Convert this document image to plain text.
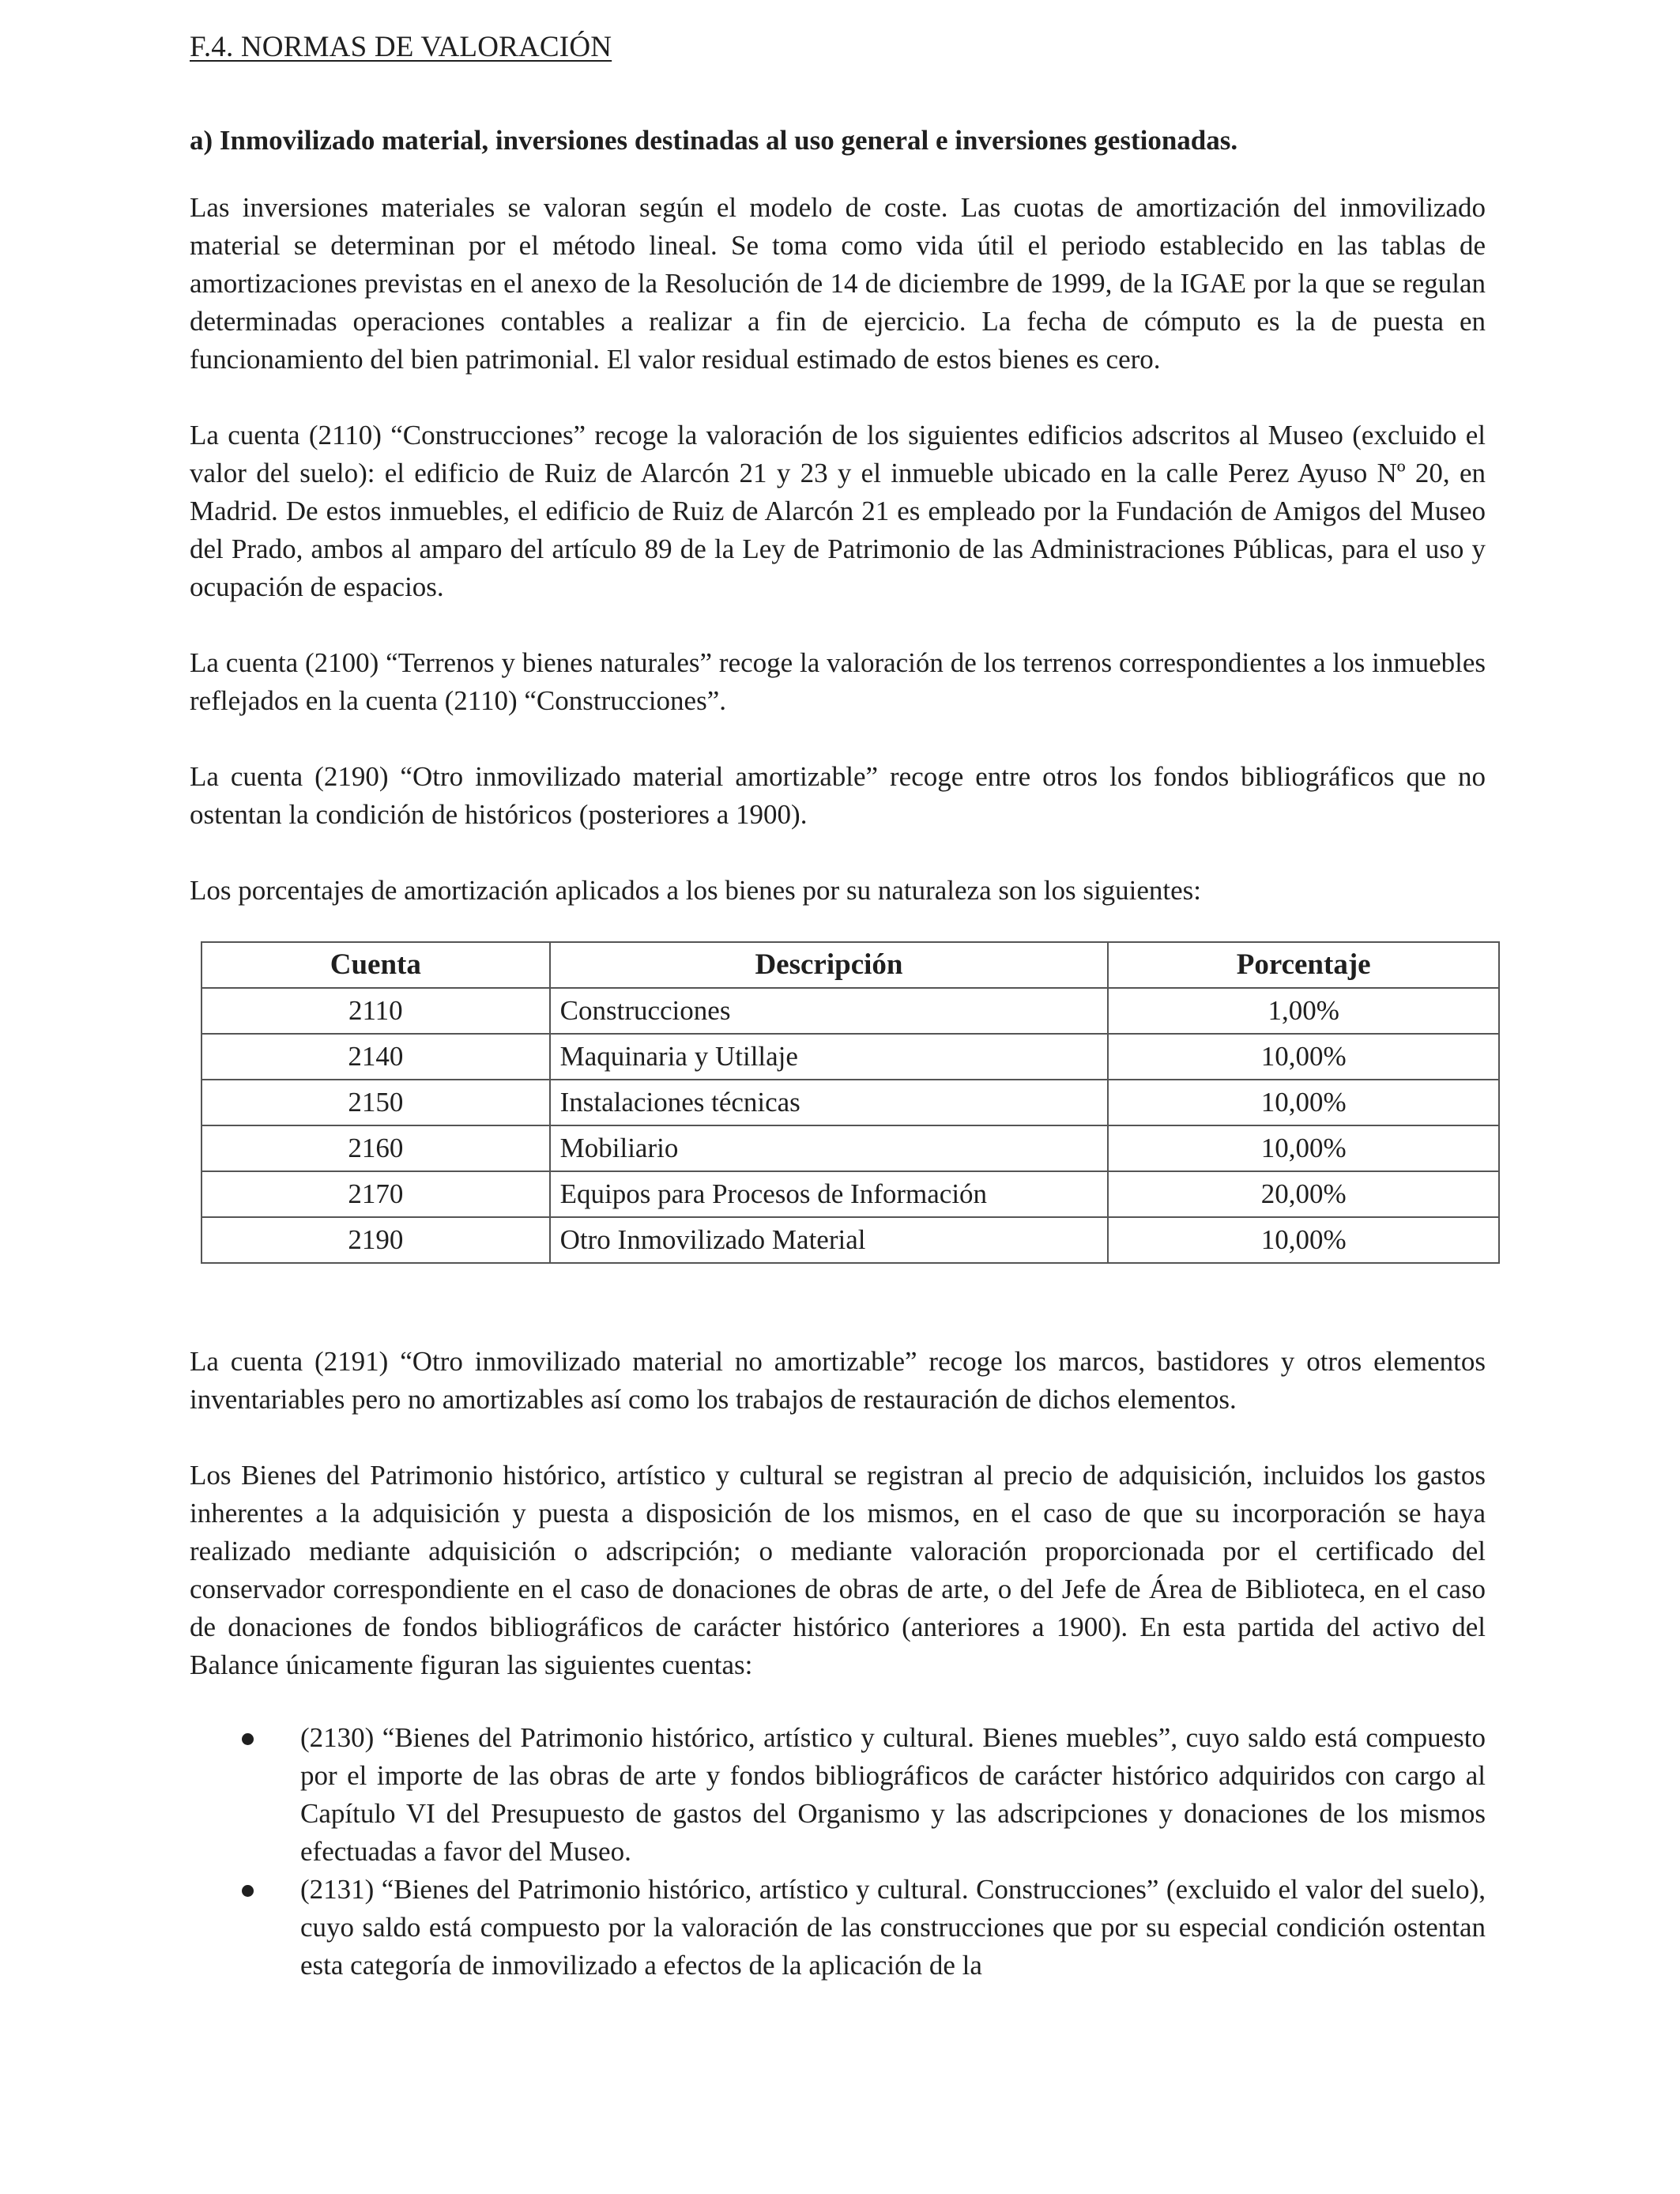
F.4. NORMAS DE VALORACIÓN
a) Inmovilizado material, inversiones destinadas al uso general e inversiones gestionadas.

Las inversiones materiales se valoran según el modelo de coste. Las cuotas de amortización del inmovilizado material se determinan por el método lineal. Se toma como vida útil el periodo establecido en las tablas de amortizaciones previstas en el anexo de la Resolución de 14 de diciembre de 1999, de la IGAE por la que se regulan determinadas operaciones contables a realizar a fin de ejercicio. La fecha de cómputo es la de puesta en funcionamiento del bien patrimonial. El valor residual estimado de estos bienes es cero.

La cuenta (2110) “Construcciones” recoge la valoración de los siguientes edificios adscritos al Museo (excluido el valor del suelo): el edificio de Ruiz de Alarcón 21 y 23 y el inmueble ubicado en la calle Perez Ayuso Nº 20, en Madrid. De estos inmuebles, el edificio de Ruiz de Alarcón 21 es empleado por la Fundación de Amigos del Museo del Prado, ambos al amparo del artículo 89 de la Ley de Patrimonio de las Administraciones Públicas, para el uso y ocupación de espacios.

La cuenta (2100) “Terrenos y bienes naturales” recoge la valoración de los terrenos correspondientes a los inmuebles reflejados en la cuenta (2110) “Construcciones”.

La cuenta (2190) “Otro inmovilizado material amortizable” recoge entre otros los fondos bibliográficos que no ostentan la condición de históricos (posteriores a 1900).

Los porcentajes de amortización aplicados a los bienes por su naturaleza son los siguientes:

Cuenta	Descripción	Porcentaje
2110	Construcciones	1,00%
2140	Maquinaria y Utillaje	10,00%
2150	Instalaciones técnicas	10,00%
2160	Mobiliario	10,00%
2170	Equipos para Procesos de Información	20,00%
2190	Otro Inmovilizado Material	10,00%

La cuenta (2191) “Otro inmovilizado material no amortizable” recoge los marcos, bastidores y otros elementos inventariables pero no amortizables así como los trabajos de restauración de dichos elementos.

Los Bienes del Patrimonio histórico, artístico y cultural se registran al precio de adquisición, incluidos los gastos inherentes a la adquisición y puesta a disposición de los mismos, en el caso de que su incorporación se haya realizado mediante adquisición o adscripción; o mediante valoración proporcionada por el certificado del conservador correspondiente en el caso de donaciones de obras de arte, o del Jefe de Área de Biblioteca, en el caso de donaciones de fondos bibliográficos de carácter histórico (anteriores a 1900). En esta partida del activo del Balance únicamente figuran las siguientes cuentas:

(2130) “Bienes del Patrimonio histórico, artístico y cultural. Bienes muebles”, cuyo saldo está compuesto por el importe de las obras de arte y fondos bibliográficos de carácter histórico adquiridos con cargo al Capítulo VI del Presupuesto de gastos del Organismo y las adscripciones y donaciones de los mismos efectuadas a favor del Museo.

(2131) “Bienes del Patrimonio histórico, artístico y cultural. Construcciones” (excluido el valor del suelo), cuyo saldo está compuesto por la valoración de las construcciones que por su especial condición ostentan esta categoría de inmovilizado a efectos de la aplicación de la
